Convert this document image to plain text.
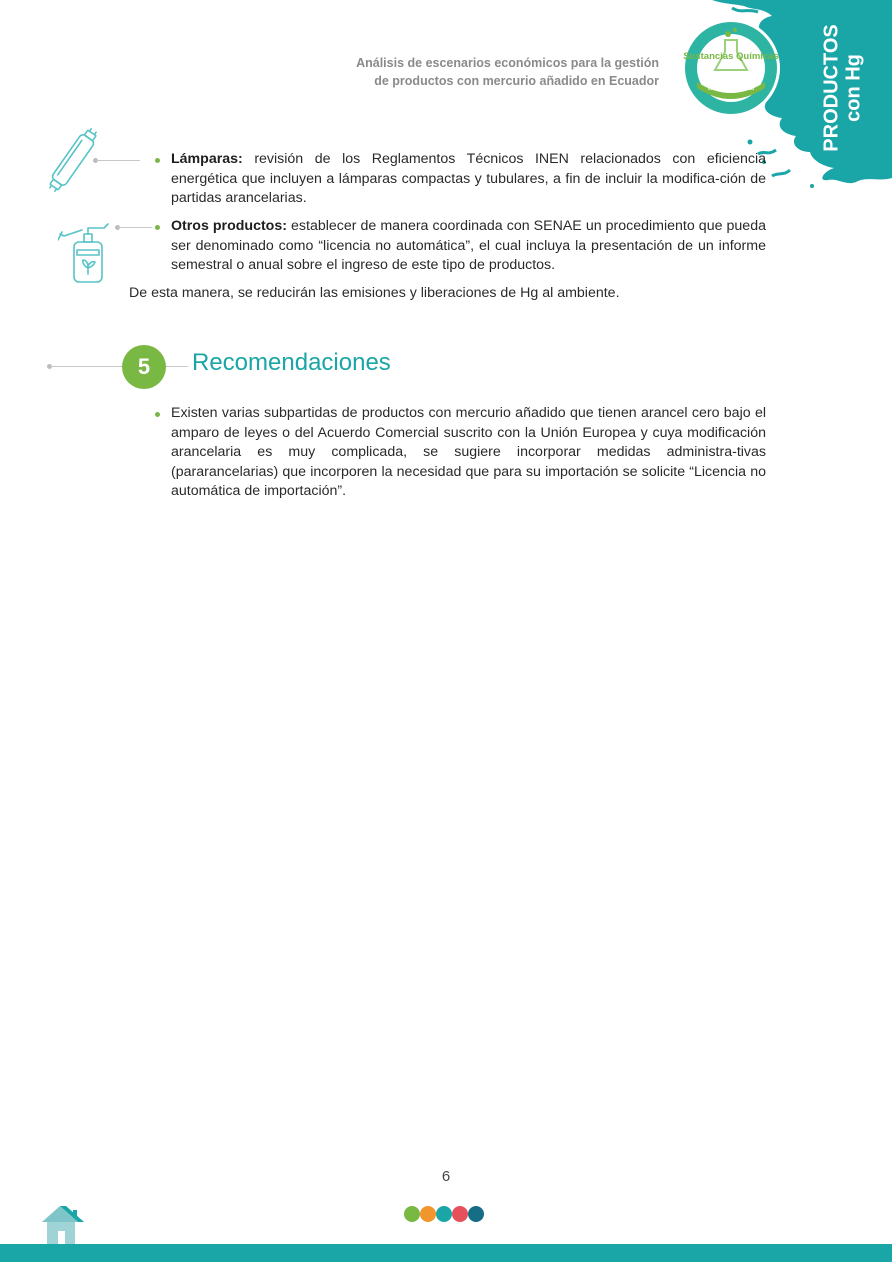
Sustancias Químicas
en su Ciclo de Vida	PRODUCTOS con Hg
Análisis de escenarios económicos para la gestión
de productos con mercurio añadido en Ecuador
Lámparas: revisión de los Reglamentos Técnicos INEN relacionados con eficiencia energética que incluyen a lámparas compactas y tubulares, a fin de incluir la modifica-ción de partidas arancelarias.
Otros productos: establecer de manera coordinada con SENAE un procedimiento que pueda ser denominado como “licencia no automática”, el cual incluya la presentación de un informe semestral o anual sobre el ingreso de este tipo de productos.
De esta manera, se reducirán las emisiones y liberaciones de Hg al ambiente.
5	Recomendaciones
Existen varias subpartidas de productos con mercurio añadido que tienen arancel cero bajo el amparo de leyes o del Acuerdo Comercial suscrito con la Unión Europea y cuya modificación arancelaria es muy complicada, se sugiere incorporar medidas administra-tivas (pararancelarias) que incorporen la necesidad que para su importación se solicite “Licencia no automática de importación”.
6
